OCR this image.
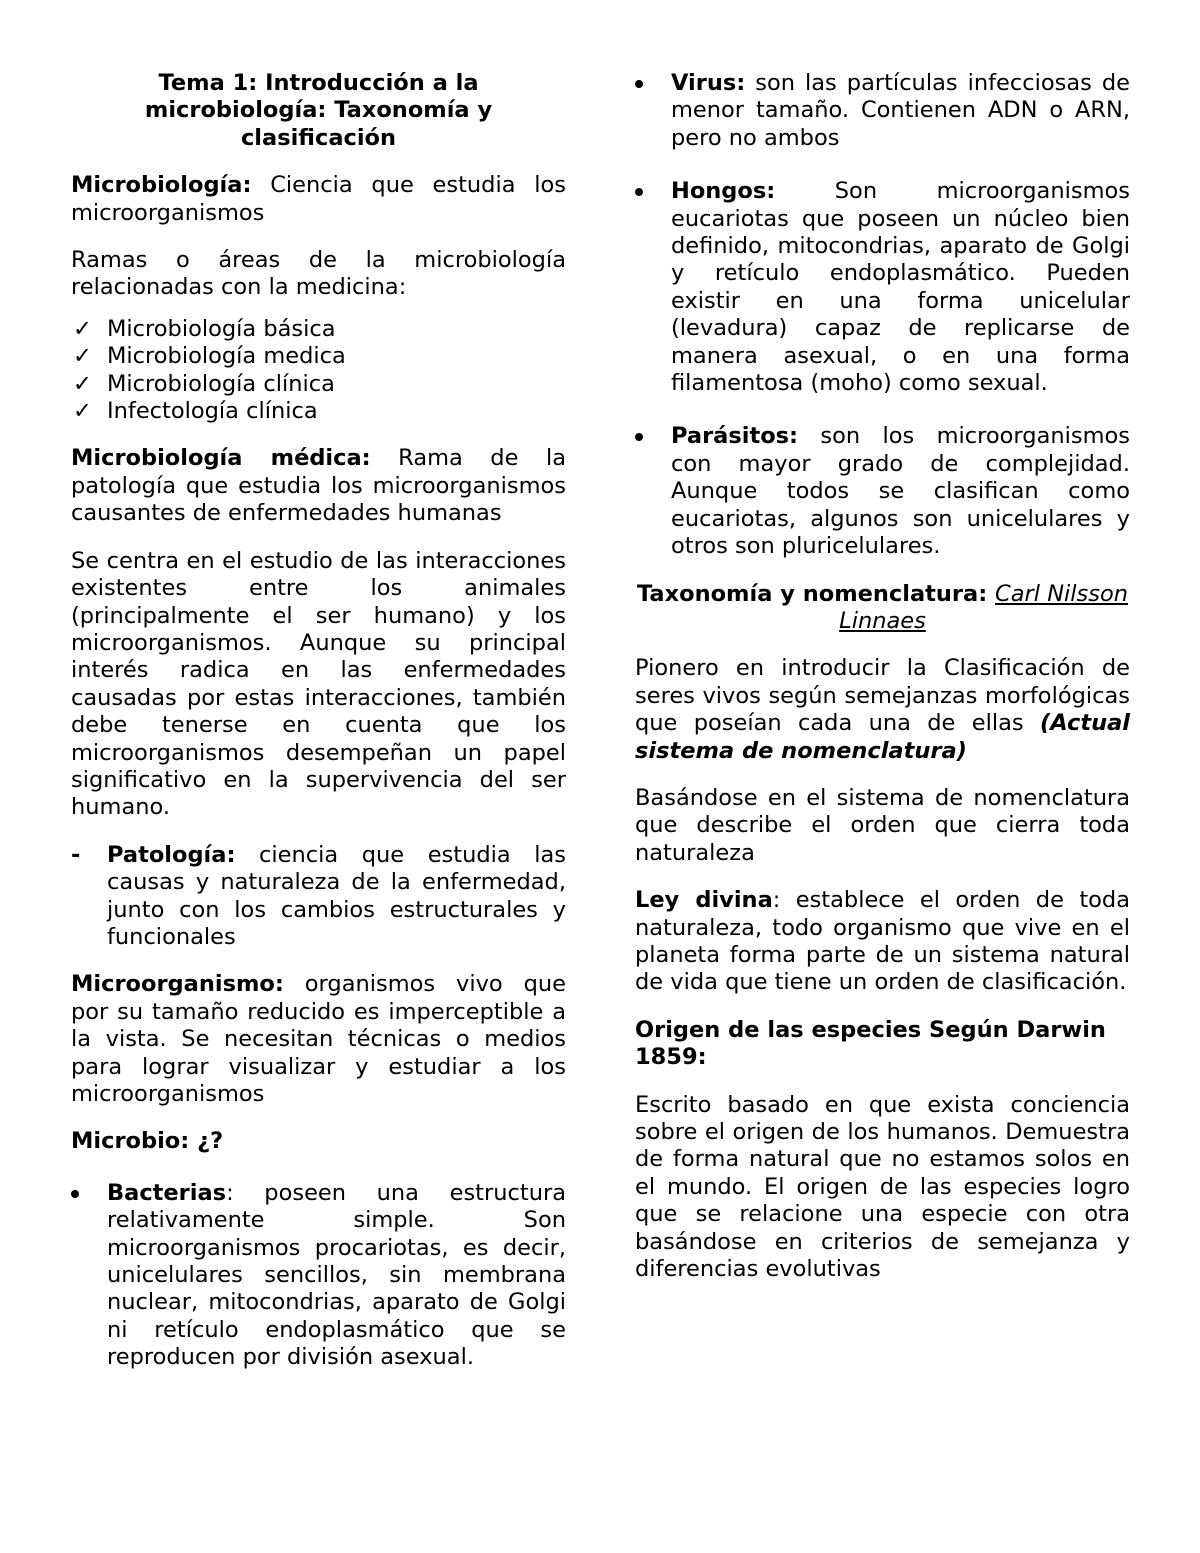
Tema 1: Introducción a la microbiología: Taxonomía y clasificación

Microbiología: Ciencia que estudia los microorganismos

Ramas o áreas de la microbiología relacionadas con la medicina:

✓ Microbiología básica
✓ Microbiología medica
✓ Microbiología clínica
✓ Infectología clínica

Microbiología médica: Rama de la patología que estudia los microorganismos causantes de enfermedades humanas

Se centra en el estudio de las interacciones existentes entre los animales (principalmente el ser humano) y los microorganismos. Aunque su principal interés radica en las enfermedades causadas por estas interacciones, también debe tenerse en cuenta que los microorganismos desempeñan un papel significativo en la supervivencia del ser humano.

- Patología: ciencia que estudia las causas y naturaleza de la enfermedad, junto con los cambios estructurales y funcionales

Microorganismo: organismos vivo que por su tamaño reducido es imperceptible a la vista. Se necesitan técnicas o medios para lograr visualizar y estudiar a los microorganismos

Microbio: ¿?

Bacterias: poseen una estructura relativamente simple. Son microorganismos procariotas, es decir, unicelulares sencillos, sin membrana nuclear, mitocondrias, aparato de Golgi ni retículo endoplasmático que se reproducen por división asexual.
Virus: son las partículas infecciosas de menor tamaño. Contienen ADN o ARN, pero no ambos
Hongos: Son microorganismos eucariotas que poseen un núcleo bien definido, mitocondrias, aparato de Golgi y retículo endoplasmático. Pueden existir en una forma unicelular (levadura) capaz de replicarse de manera asexual, o en una forma filamentosa (moho) como sexual.
Parásitos: son los microorganismos con mayor grado de complejidad. Aunque todos se clasifican como eucariotas, algunos son unicelulares y otros son pluricelulares.

Taxonomía y nomenclatura: Carl Nilsson Linnaes

Pionero en introducir la Clasificación de seres vivos según semejanzas morfológicas que poseían cada una de ellas (Actual sistema de nomenclatura)

Basándose en el sistema de nomenclatura que describe el orden que cierra toda naturaleza

Ley divina: establece el orden de toda naturaleza, todo organismo que vive en el planeta forma parte de un sistema natural de vida que tiene un orden de clasificación.

Origen de las especies Según Darwin 1859:

Escrito basado en que exista conciencia sobre el origen de los humanos. Demuestra de forma natural que no estamos solos en el mundo. El origen de las especies logro que se relacione una especie con otra basándose en criterios de semejanza y diferencias evolutivas
